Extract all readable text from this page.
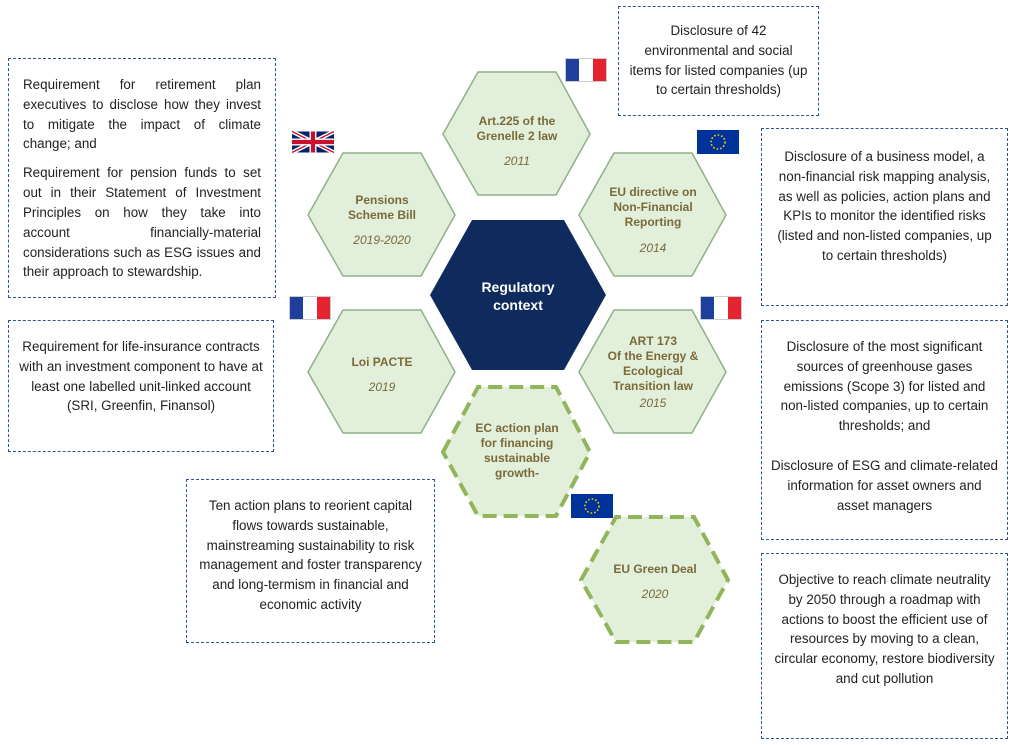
Regulatory
context
Art.225 of the
Grenelle 2 law
2011
Pensions
Scheme Bill
2019-2020
EU directive on
Non-Financial
Reporting
2014
Loi PACTE
2019
ART 173
Of the Energy &
Ecological
Transition law
2015
EC action plan
for financing
sustainable
growth-
EU Green Deal
2020

Disclosure of 42 environmental and social items for listed companies (up to certain thresholds)

Requirement for retirement plan executives to disclose how they invest to mitigate the impact of climate change; and

Requirement for pension funds to set out in their Statement of Investment Principles on how they take into account financially-material considerations such as ESG issues and their approach to stewardship.

Disclosure of a business model, a non-financial risk mapping analysis, as well as policies, action plans and KPIs to monitor the identified risks (listed and non-listed companies, up to certain thresholds)

Requirement for life-insurance contracts with an investment component to have at least one labelled unit-linked account (SRI, Greenfin, Finansol)

Disclosure of the most significant sources of greenhouse gases emissions (Scope 3) for listed and non-listed companies, up to certain thresholds; and

Disclosure of ESG and climate-related information for asset owners and asset managers

Ten action plans to reorient capital flows towards sustainable, mainstreaming sustainability to risk management and foster transparency and long-termism in financial and economic activity

Objective to reach climate neutrality by 2050 through a roadmap with actions to boost the efficient use of resources by moving to a clean, circular economy, restore biodiversity and cut pollution
